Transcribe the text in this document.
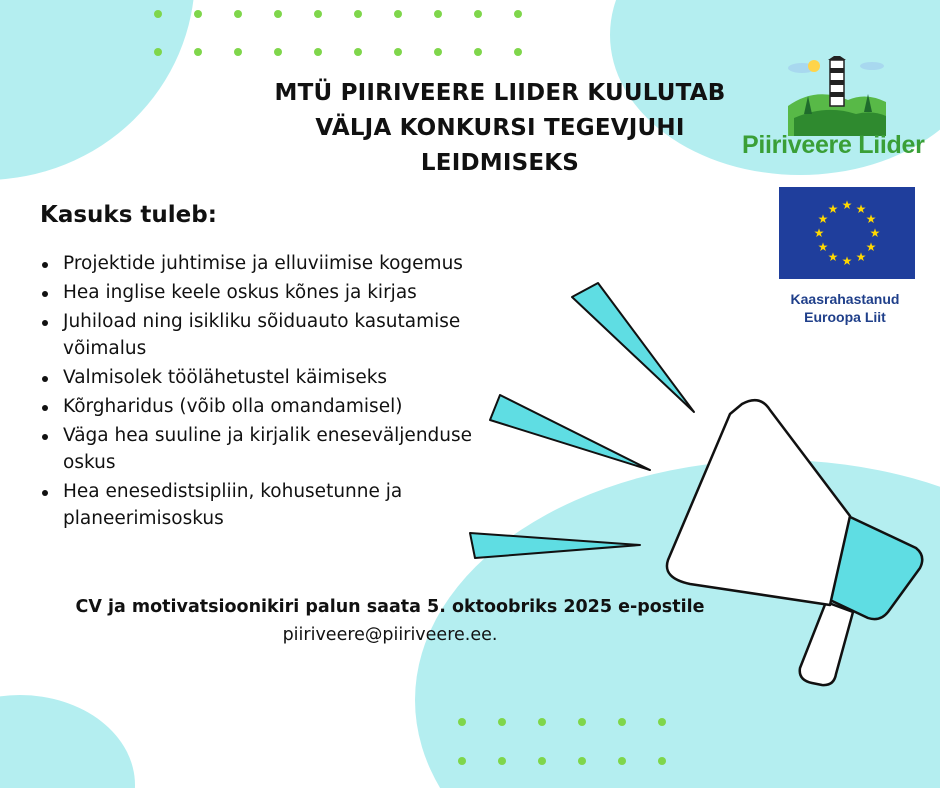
MTÜ PIIRIVEERE LIIDER KUULUTAB
VÄLJA KONKURSI TEGEVJUHI
LEIDMISEKS
Piiriveere Liider
★ ★
★
★
★
★
★
★
★
★
★
★
Kaasrahastanud
Euroopa Liit
Kasuks tuleb:
Projektide juhtimise ja elluviimise kogemus
Hea inglise keele oskus kõnes ja kirjas
Juhiload ning isikliku sõiduauto kasutamise võimalus
Valmisolek töölähetustel käimiseks
Kõrgharidus (võib olla omandamisel)
Väga hea suuline ja kirjalik eneseväljenduse oskus
Hea enesedistsipliin, kohusetunne ja planeerimisoskus
CV ja motivatsioonikiri palun saata 5. oktoobriks 2025 e-postile
piiriveere@piiriveere.ee.
